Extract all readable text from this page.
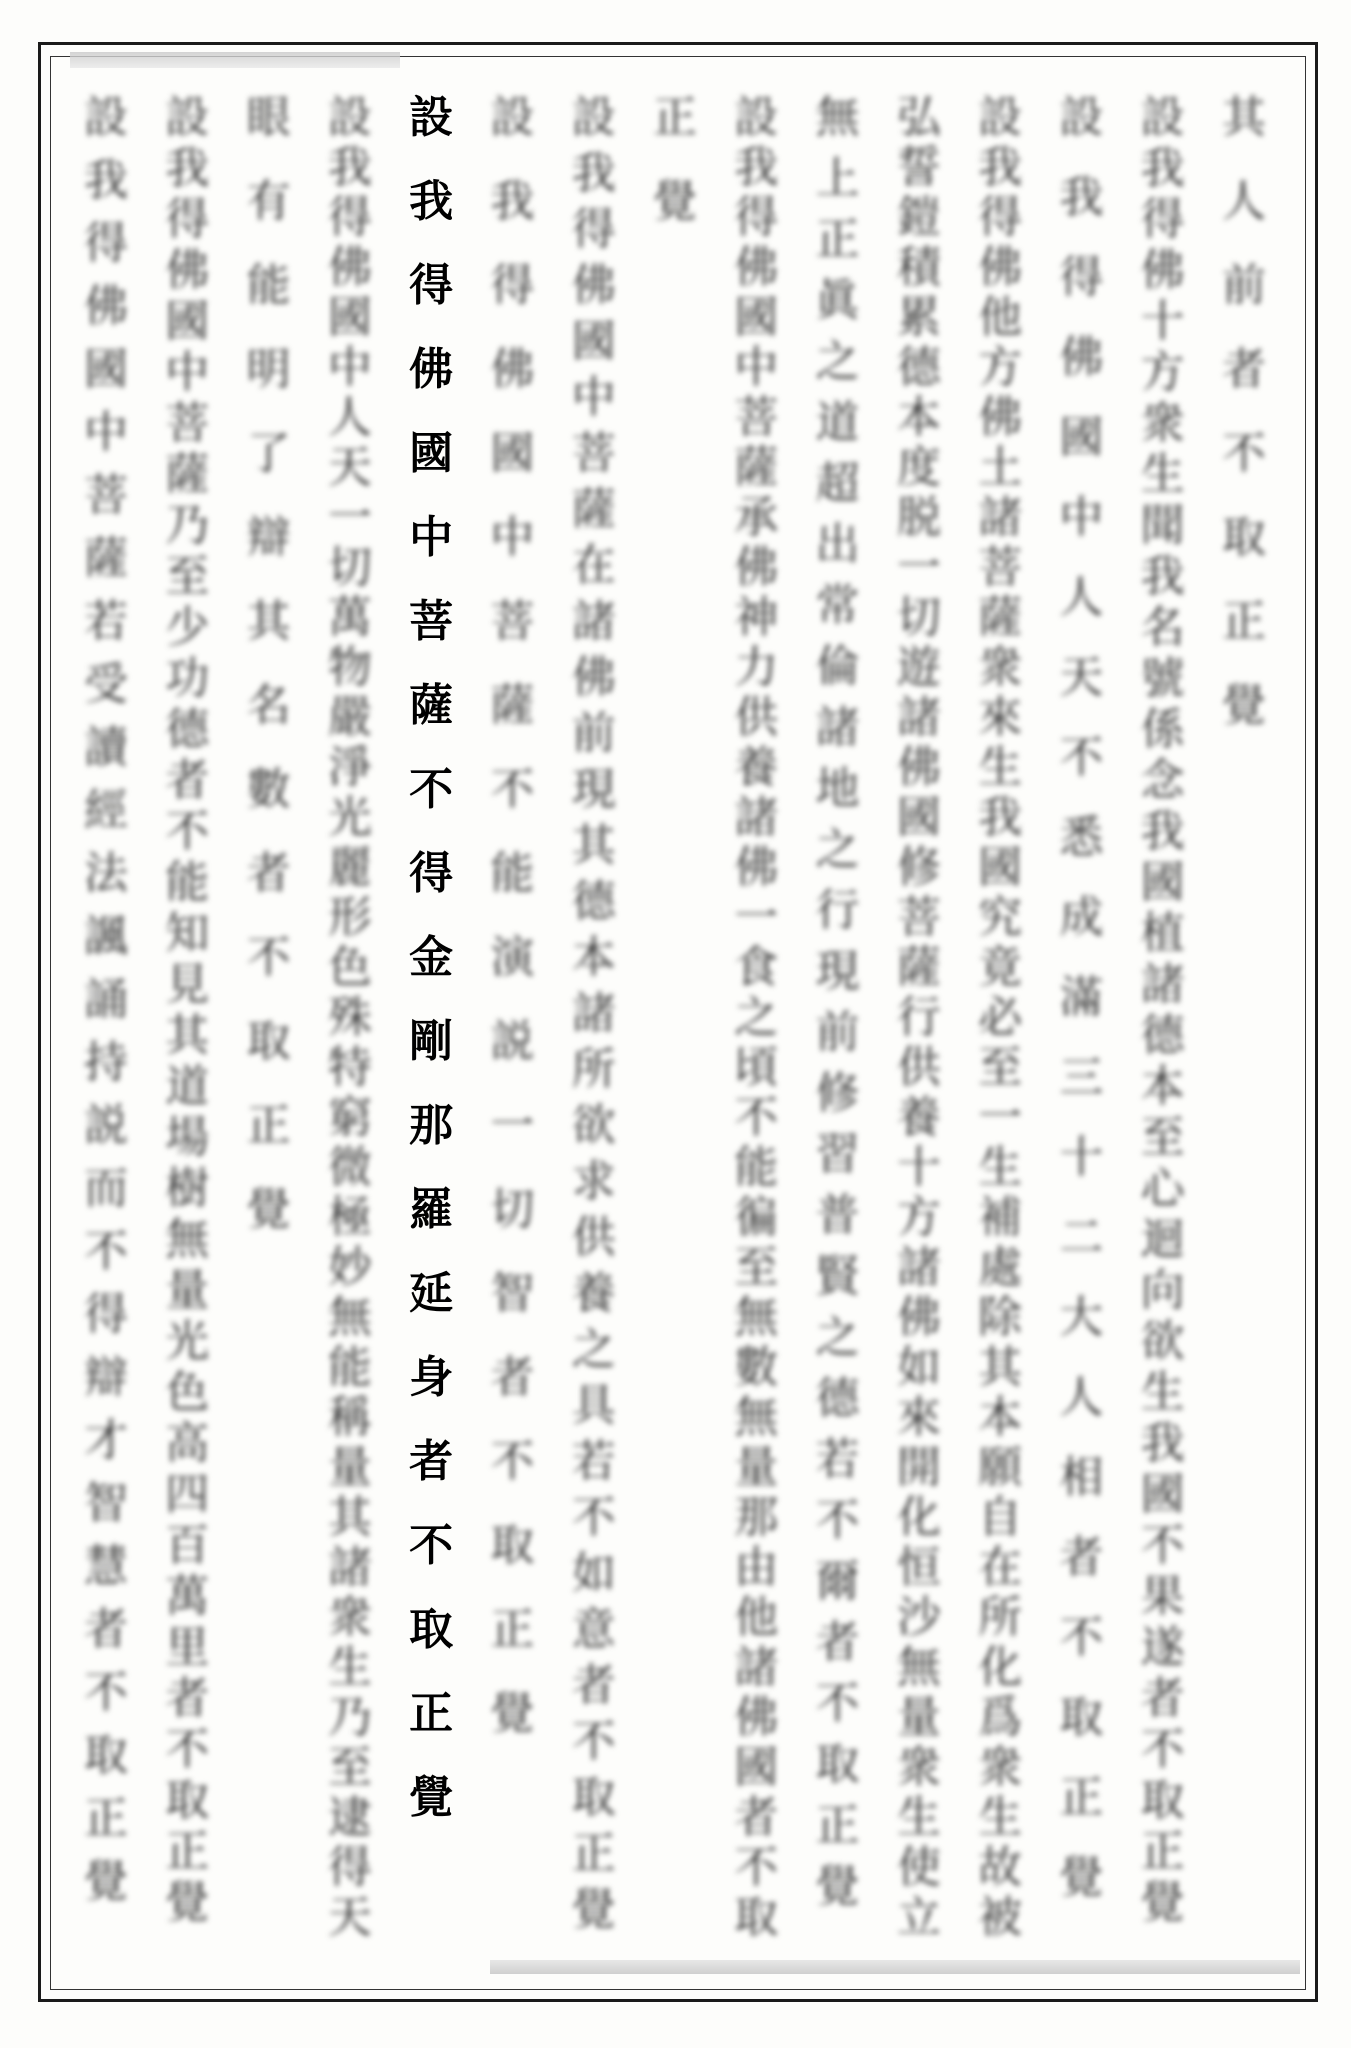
其
人
前
者
不
取
正
覺
設
我
得
佛
十
方
衆
生
聞
我
名
號
係
念
我
國
植
諸
德
本
至
心
迴
向
欲
生
我
國
不
果
遂
者
不
取
正
覺
設
我
得
佛
國
中
人
天
不
悉
成
滿
三
十
二
大
人
相
者
不
取
正
覺
設
我
得
佛
他
方
佛
土
諸
菩
薩
衆
來
生
我
國
究
竟
必
至
一
生
補
處
除
其
本
願
自
在
所
化
爲
衆
生
故
被
弘
誓
鎧
積
累
德
本
度
脱
一
切
遊
諸
佛
國
修
菩
薩
行
供
養
十
方
諸
佛
如
來
開
化
恒
沙
無
量
衆
生
使
立
無
上
正
眞
之
道
超
出
常
倫
諸
地
之
行
現
前
修
習
普
賢
之
德
若
不
爾
者
不
取
正
覺
設
我
得
佛
國
中
菩
薩
承
佛
神
力
供
養
諸
佛
一
食
之
頃
不
能
徧
至
無
數
無
量
那
由
他
諸
佛
國
者
不
取
正
覺
設
我
得
佛
國
中
菩
薩
在
諸
佛
前
現
其
德
本
諸
所
欲
求
供
養
之
具
若
不
如
意
者
不
取
正
覺
設
我
得
佛
國
中
菩
薩
不
能
演
説
一
切
智
者
不
取
正
覺
設
我
得
佛
國
中
菩
薩
不
得
金
剛
那
羅
延
身
者
不
取
正
覺
設
我
得
佛
國
中
人
天
一
切
萬
物
嚴
淨
光
麗
形
色
殊
特
窮
微
極
妙
無
能
稱
量
其
諸
衆
生
乃
至
逮
得
天
眼
有
能
明
了
辯
其
名
數
者
不
取
正
覺
設
我
得
佛
國
中
菩
薩
乃
至
少
功
德
者
不
能
知
見
其
道
場
樹
無
量
光
色
高
四
百
萬
里
者
不
取
正
覺
設
我
得
佛
國
中
菩
薩
若
受
讀
經
法
諷
誦
持
説
而
不
得
辯
才
智
慧
者
不
取
正
覺
